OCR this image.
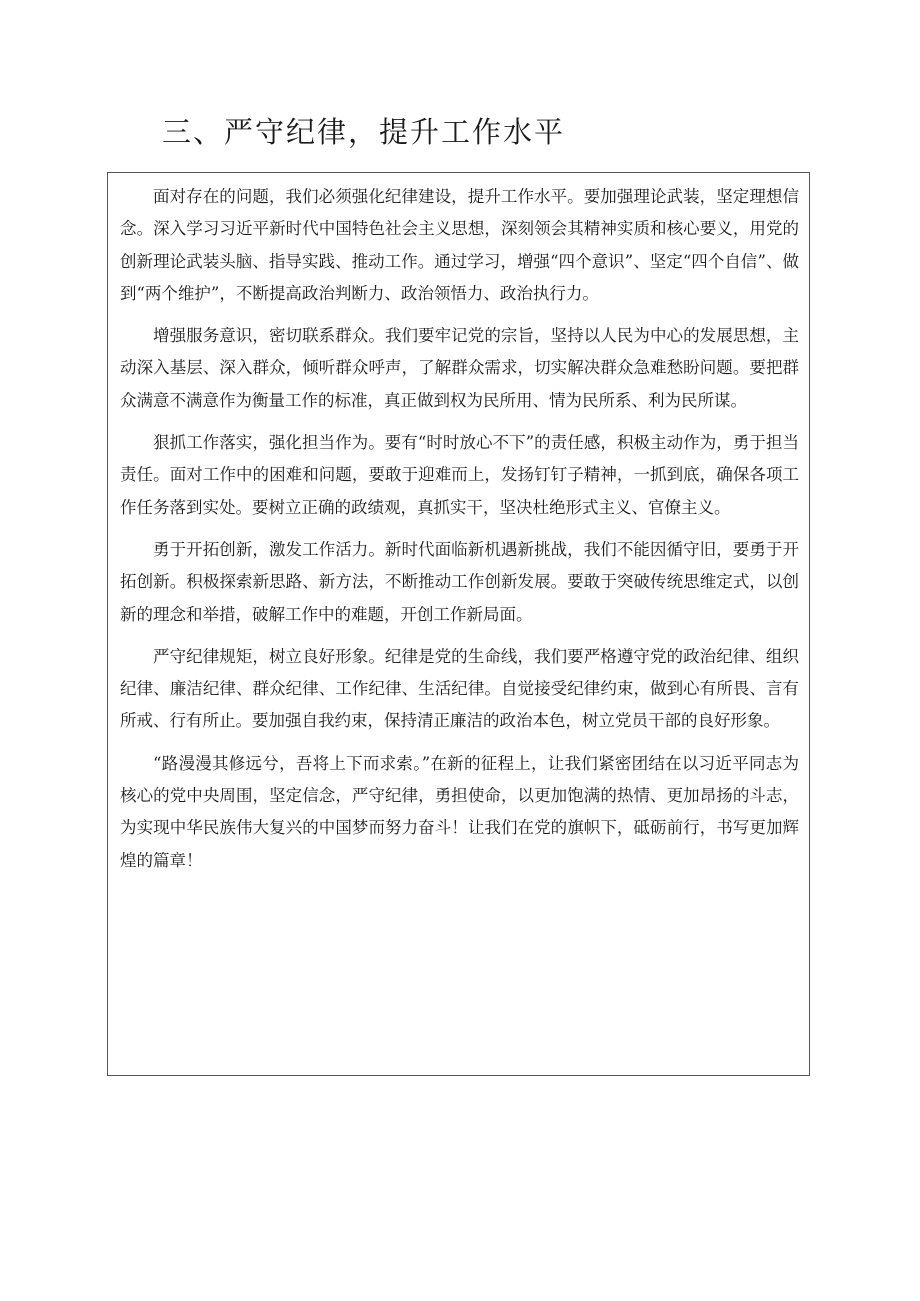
三、严守纪律，提升工作水平

面对存在的问题，我们必须强化纪律建设，提升工作水平。要加强理论武装，坚定理想信念。深入学习习近平新时代中国特色社会主义思想，深刻领会其精神实质和核心要义，用党的创新理论武装头脑、指导实践、推动工作。通过学习，增强“四个意识”、坚定“四个自信”、做到“两个维护”，不断提高政治判断力、政治领悟力、政治执行力。

增强服务意识，密切联系群众。我们要牢记党的宗旨，坚持以人民为中心的发展思想，主动深入基层、深入群众，倾听群众呼声，了解群众需求，切实解决群众急难愁盼问题。要把群众满意不满意作为衡量工作的标准，真正做到权为民所用、情为民所系、利为民所谋。

狠抓工作落实，强化担当作为。要有“时时放心不下”的责任感，积极主动作为，勇于担当责任。面对工作中的困难和问题，要敢于迎难而上，发扬钉钉子精神，一抓到底，确保各项工作任务落到实处。要树立正确的政绩观，真抓实干，坚决杜绝形式主义、官僚主义。

勇于开拓创新，激发工作活力。新时代面临新机遇新挑战，我们不能因循守旧，要勇于开拓创新。积极探索新思路、新方法，不断推动工作创新发展。要敢于突破传统思维定式，以创新的理念和举措，破解工作中的难题，开创工作新局面。

严守纪律规矩，树立良好形象。纪律是党的生命线，我们要严格遵守党的政治纪律、组织纪律、廉洁纪律、群众纪律、工作纪律、生活纪律。自觉接受纪律约束，做到心有所畏、言有所戒、行有所止。要加强自我约束，保持清正廉洁的政治本色，树立党员干部的良好形象。

“路漫漫其修远兮，吾将上下而求索。”在新的征程上，让我们紧密团结在以习近平同志为核心的党中央周围，坚定信念，严守纪律，勇担使命，以更加饱满的热情、更加昂扬的斗志，为实现中华民族伟大复兴的中国梦而努力奋斗！让我们在党的旗帜下，砥砺前行，书写更加辉煌的篇章！
